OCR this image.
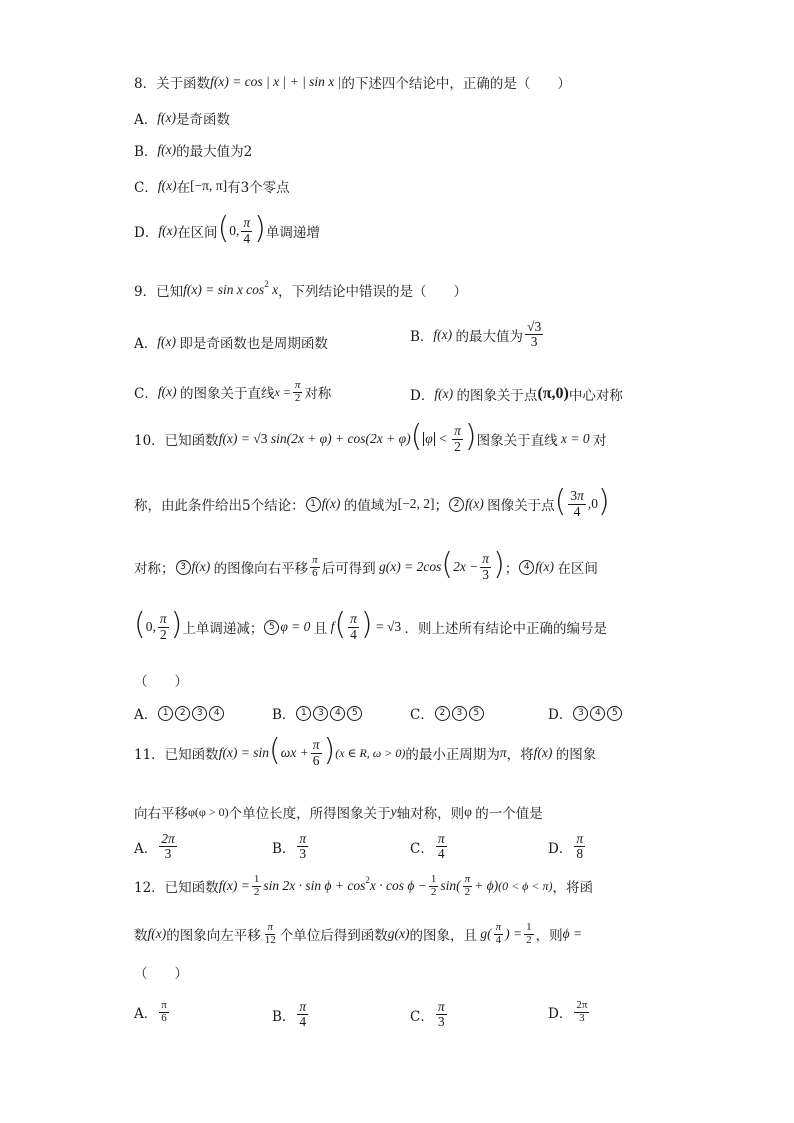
8．关于函数 f(x) = cos | x | + | sin x | 的下述四个结论中，正确的是（　　）
A． f(x) 是奇函数
B． f(x) 的最大值为2
C． f(x) 在 [−π, π] 有3个零点
D． f(x) 在区间 ( 0, $\frac{\pi}{4}$ ) 单调递增
9．已知 f(x) = sin x cos 2 x ，下列结论中错误的是（　　）
A． f(x) 即是奇函数也是周期函数	B． f(x) 的最大值为 $\frac{√3}{3}$
C． f(x) 的图象关于直线 $x = \frac{\pi}{2}$ 对称	D． f(x) 的图象关于点 (π,0) 中心对称
10．已知函数 f(x) = √3 sin(2x + φ) + cos(2x + φ) ( $\varphi < \frac{\pi}{2}$ ) 图象关于直线 x = 0 对
称，由此条件给出5个结论： 1 f(x) 的值域为 [−2, 2] ； 2 f(x) 图像关于点 ( $\frac{3\pi}{4} ,0$ )
对称； 3 f(x) 的图像向右平移 $\frac{\pi}{6}$ 后可得到 g(x) = 2cos ( $2x - \frac{\pi}{3}$ ) ； 4 f(x) 在区间
( 0, $\frac{\pi}{2}$ ) 上单调递减； 5 φ = 0 且 f ( $\frac{\pi}{4}$ ) = √3 ．则上述所有结论中正确的编号是
（　　）
A． 1	2	3	4	B． 1	3	4	5	C． 2	3	5	D． 3	4	5
11．已知函数 f(x) = sin ( $\omega x + \frac{\pi}{6}$ ) (x ∈ R, ω > 0) 的最小正周期为 π ，将 f(x) 的图象
向右平移 φ(φ > 0) 个单位长度，所得图象关于 y 轴对称，则 φ 的一个值是
A． $\frac{2\pi}{3}$	B． $\frac{\pi}{3}$	C． $\frac{\pi}{4}$	D． $\frac{\pi}{8}$
12．已知函数 $f(x) = \frac{1}{2}$ sin 2x · sin ϕ + cos 2 $x \cdot \cos \phi - \frac{1}{2} \sin( \frac{\pi}{2} + \phi) (0 < \phi < \pi)$ ，将函
数 f(x) 的图象向左平移 $\frac{\pi}{12}$ 个单位后得到函数 g(x) 的图象，且 $g( \frac{\pi}{4}$ ) = $\frac{1}{2}$ ，则 ϕ =
（　　）
A． $\frac{\pi}{6}$	B． $\frac{\pi}{4}$	C． $\frac{\pi}{3}$	D． $\frac{2\pi}{3}$
